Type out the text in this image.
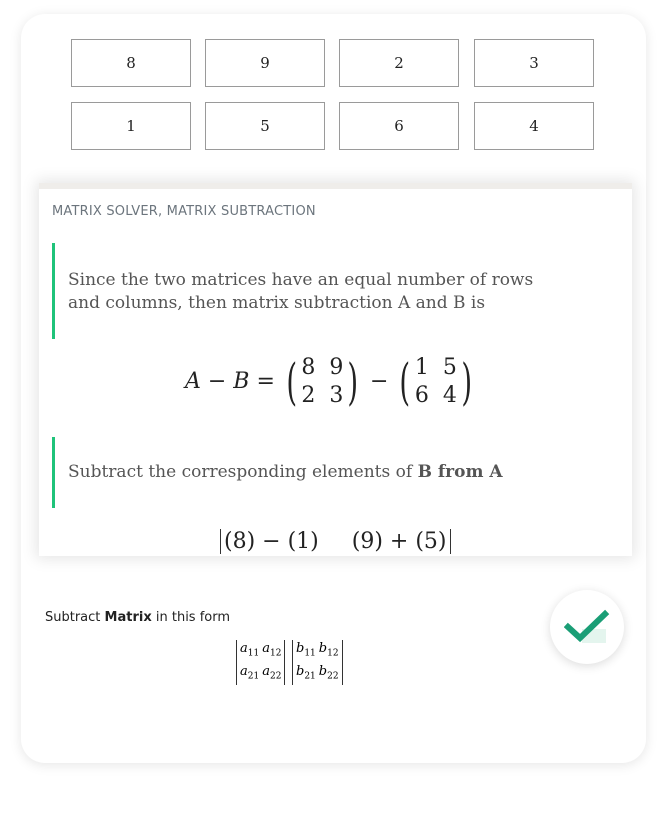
8	9	2	3
1	5	6	4
MATRIX SOLVER, MATRIX SUBTRACTION
Since the two matrices have an equal number of rows and columns, then matrix subtraction A and B is
A − B = ( 8 9
2 3 ) − ( 1 5
6 4 )
Subtract the corresponding elements of B from A
(8) − (1) (9) + (5)
Subtract Matrix in this form
$a_{11}$ $a_{12}$
$a_{21}$ $a_{22}$
$b_{11}$ $b_{12}$
$b_{21}$ $b_{22}$
